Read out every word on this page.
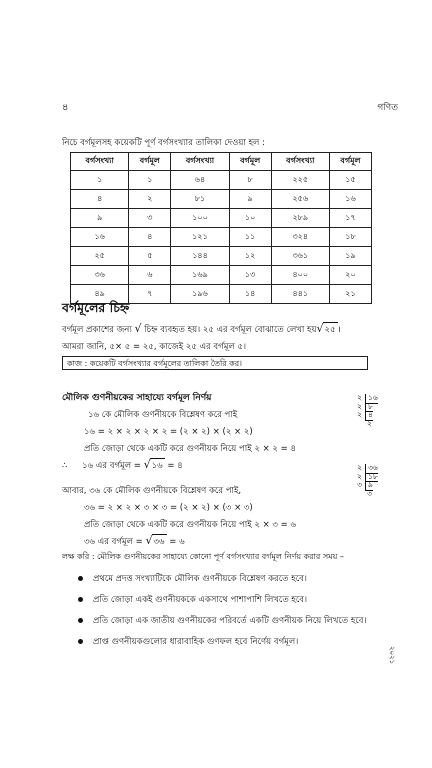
৪	গণিত
নিচে বর্গমূলসহ কয়েকটি পূর্ণ বর্গসংখ্যার তালিকা দেওয়া হল :
বর্গসংখ্যা	বর্গমূল	বর্গসংখ্যা	বর্গমূল	বর্গসংখ্যা	বর্গমূল
১	১	৬৪	৮	২২৫	১৫
৪	২	৮১	৯	২৫৬	১৬
৯	৩	১০০	১০	২৮৯	১৭
১৬	৪	১২১	১১	৩২৪	১৮
২৫	৫	১৪৪	১২	৩৬১	১৯
৩৬	৬	১৬৯	১৩	৪০০	২০
৪৯	৭	১৯৬	১৪	৪৪১	২১
বর্গমূলের চিহ্ন
বর্গমূল প্রকাশের জন্য √ চিহ্ন ব্যবহৃত হয়। ২৫ এর বর্গমূল বোঝাতে লেখা হয়√২৫ ।
আমরা জানি, ৫× ৫ = ২৫, কাজেই ২৫ এর বর্গমূল ৫।
কাজ : কয়েকটি বর্গসংখ্যার বর্গমূলের তালিকা তৈরি কর।
মৌলিক গুণনীয়কের সাহায্যে বর্গমূল নির্ণয়
১৬ কে মৌলিক গুণনীয়কে বিশ্লেষণ করে পাই
১৬ = ২ × ২ × ২ × ২ = (২ × ২) × (২ × ২)
প্রতি জোড়া থেকে একটি করে গুণনীয়ক নিয়ে পাই ২ × ২ = ৪
∴ ১৬ এর বর্গমূল = √১৬ = ৪
২ ১৬
২ ৮
২ ৪
২
২ ৩৬
২ ১৮
৩ ৯
৩
আবার, ৩৬ কে মৌলিক গুণনীয়কে বিশ্লেষণ করে পাই,
৩৬ = ২ × ২ × ৩ × ৩ = (২ × ২) × (৩ × ৩)
প্রতি জোড়া থেকে একটি করে গুণনীয়ক নিয়ে পাই ২ × ৩ = ৬
৩৬ এর বর্গমূল = √৩৬ = ৬
লক্ষ করি : মৌলিক গুণনীয়কের সাহায্যে কোনো পূর্ণ বর্গসংখ্যার বর্গমূল নির্ণয় করার সময় –
প্রথমে প্রদত্ত সংখ্যাটিকে মৌলিক গুণনীয়কে বিশ্লেষণ করতে হবে।
প্রতি জোড়া একই গুণনীয়ককে একসাথে পাশাপাশি লিখতে হবে।
প্রতি জোড়া এক জাতীয় গুণনীয়কের পরিবর্তে একটি গুণনীয়ক নিয়ে লিখতে হবে।
প্রাপ্ত গুণনীয়কগুলোর ধারাবাহিক গুণফল হবে নির্ণেয় বর্গমূল।
২০২১
